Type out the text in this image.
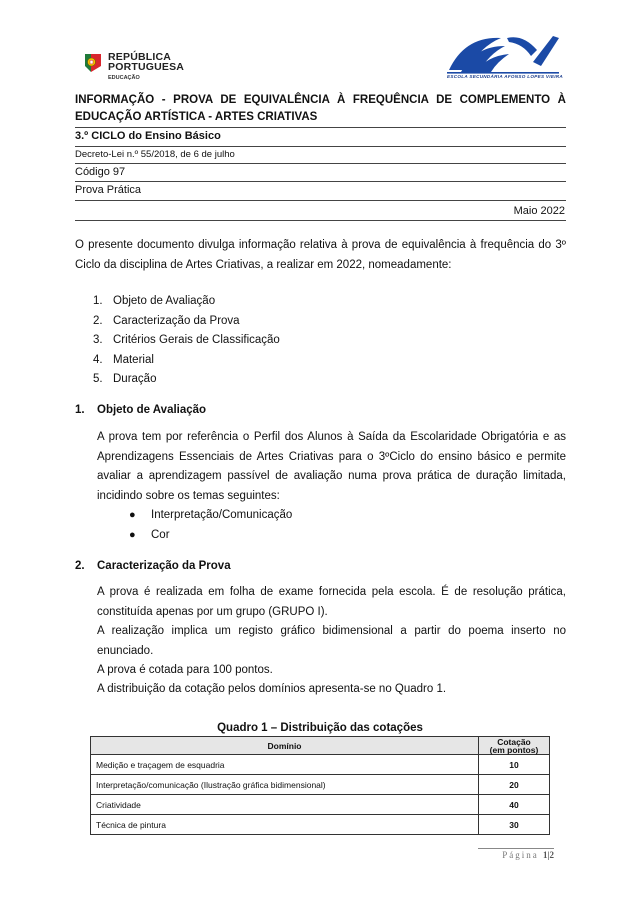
REPÚBLICA
PORTUGUESA
EDUCAÇÃO	ESCOLA SECUNDÁRIA AFONSO LOPES VIEIRA
INFORMAÇÃO - PROVA DE EQUIVALÊNCIA À FREQUÊNCIA DE COMPLEMENTO À EDUCAÇÃO ARTÍSTICA - ARTES CRIATIVAS
3.º CICLO do Ensino Básico
Decreto-Lei n.º 55/2018, de 6 de julho
Código 97
Prova Prática
Maio 2022
O presente documento divulga informação relativa à prova de equivalência à frequência do 3º Ciclo da disciplina de Artes Criativas, a realizar em 2022, nomeadamente:
1. Objeto de Avaliação
2. Caracterização da Prova
3. Critérios Gerais de Classificação
4. Material
5. Duração
1. Objeto de Avaliação
A prova tem por referência o Perfil dos Alunos à Saída da Escolaridade Obrigatória e as Aprendizagens Essenciais de Artes Criativas para o 3ºCiclo do ensino básico e permite avaliar a aprendizagem passível de avaliação numa prova prática de duração limitada, incidindo sobre os temas seguintes:
● Interpretação/Comunicação
● Cor
2. Caracterização da Prova
A prova é realizada em folha de exame fornecida pela escola. É de resolução prática, constituída apenas por um grupo (GRUPO I).
A realização implica um registo gráfico bidimensional a partir do poema inserto no enunciado.
A prova é cotada para 100 pontos.
A distribuição da cotação pelos domínios apresenta-se no Quadro 1.
Quadro 1 – Distribuição das cotações
Domínio	Cotação
(em pontos)

Medição e traçagem de esquadria	10
Interpretação/comunicação (Ilustração gráfica bidimensional)	20
Criatividade	40
Técnica de pintura	30
Página 1|2
